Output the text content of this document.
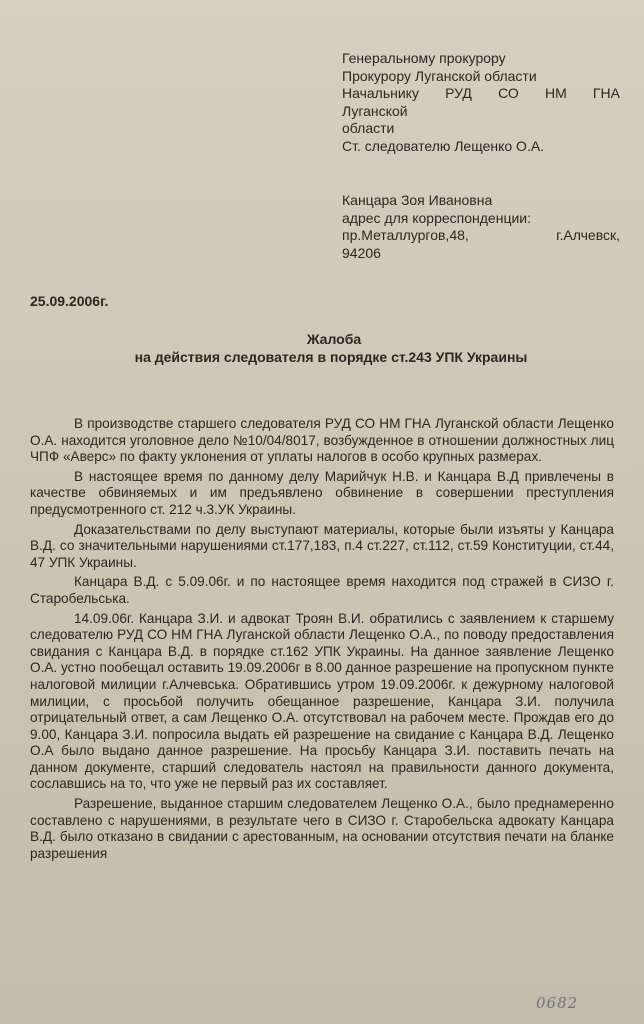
Генеральному прокурору
Прокурору Луганской области
Начальнику РУД СО НМ ГНА
Луганской
области
Ст. следователю Лещенко О.А.
Канцара Зоя Ивановна
адрес для корреспонденции:
пр.Металлургов,48,	г.Алчевск,
94206
25.09.2006г.
Жалоба
на действия следователя в порядке ст.243 УПК Украины

В производстве старшего следователя РУД СО НМ ГНА Луганской области Лещенко О.А. находится уголовное дело №10/04/8017, возбужденное в отношении должностных лиц ЧПФ «Аверс» по факту уклонения от уплаты налогов в особо крупных размерах.

В настоящее время по данному делу Марийчук Н.В. и Канцара В.Д привлечены в качестве обвиняемых и им предъявлено обвинение в совершении преступления предусмотренного ст. 212 ч.3.УК Украины.

Доказательствами по делу выступают материалы, которые были изъяты у Канцара В.Д. со значительными нарушениями ст.177,183, п.4 ст.227, ст.112, ст.59 Конституции, ст.44, 47 УПК Украины.

Канцара В.Д. с 5.09.06г. и по настоящее время находится под стражей в СИЗО г. Старобельська.

14.09.06г. Канцара З.И. и адвокат Троян В.И. обратились с заявлением к старшему следователю РУД СО НМ ГНА Луганской области Лещенко О.А., по поводу предоставления свидания с Канцара В.Д. в порядке ст.162 УПК Украины. На данное заявление Лещенко О.А. устно пообещал оставить 19.09.2006г в 8.00 данное разрешение на пропускном пункте налоговой милиции г.Алчевська. Обратившись утром 19.09.2006г. к дежурному налоговой милиции, с просьбой получить обещанное разрешение, Канцара З.И. получила отрицательный ответ, а сам Лещенко О.А. отсутствовал на рабочем месте. Прождав его до 9.00, Канцара З.И. попросила выдать ей разрешение на свидание с Канцара В.Д. Лещенко О.А было выдано данное разрешение. На просьбу Канцара З.И. поставить печать на данном документе, старший следователь настоял на правильности данного документа, сославшись на то, что уже не первый раз их составляет.

Разрешение, выданное старшим следователем Лещенко О.А., было преднамеренно составлено с нарушениями, в результате чего в СИЗО г. Старобельска адвокату Канцара В.Д. было отказано в свидании с арестованным, на основании отсутствия печати на бланке разрешения

0682
